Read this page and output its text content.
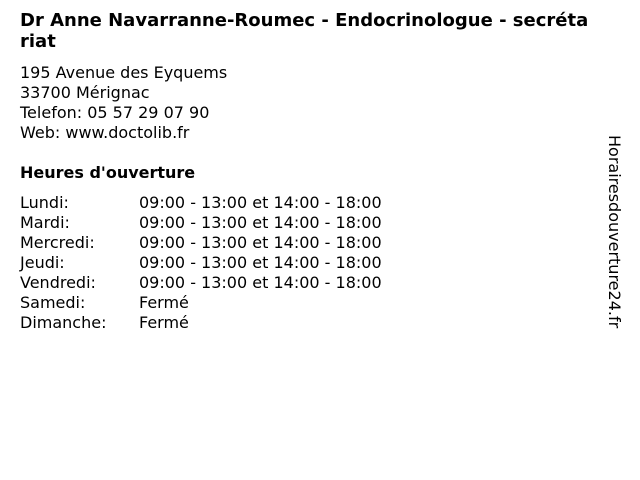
Dr Anne Navarranne-Roumec - Endocrinologue - secrétariat
195 Avenue des Eyquems
33700 Mérignac
Telefon: 05 57 29 07 90
Web: www.doctolib.fr
Heures d'ouverture
Lundi:	09:00 - 13:00 et 14:00 - 18:00
Mardi:	09:00 - 13:00 et 14:00 - 18:00
Mercredi:	09:00 - 13:00 et 14:00 - 18:00
Jeudi:	09:00 - 13:00 et 14:00 - 18:00
Vendredi:	09:00 - 13:00 et 14:00 - 18:00
Samedi:	Fermé
Dimanche:	Fermé	Horairesdouverture24.fr
